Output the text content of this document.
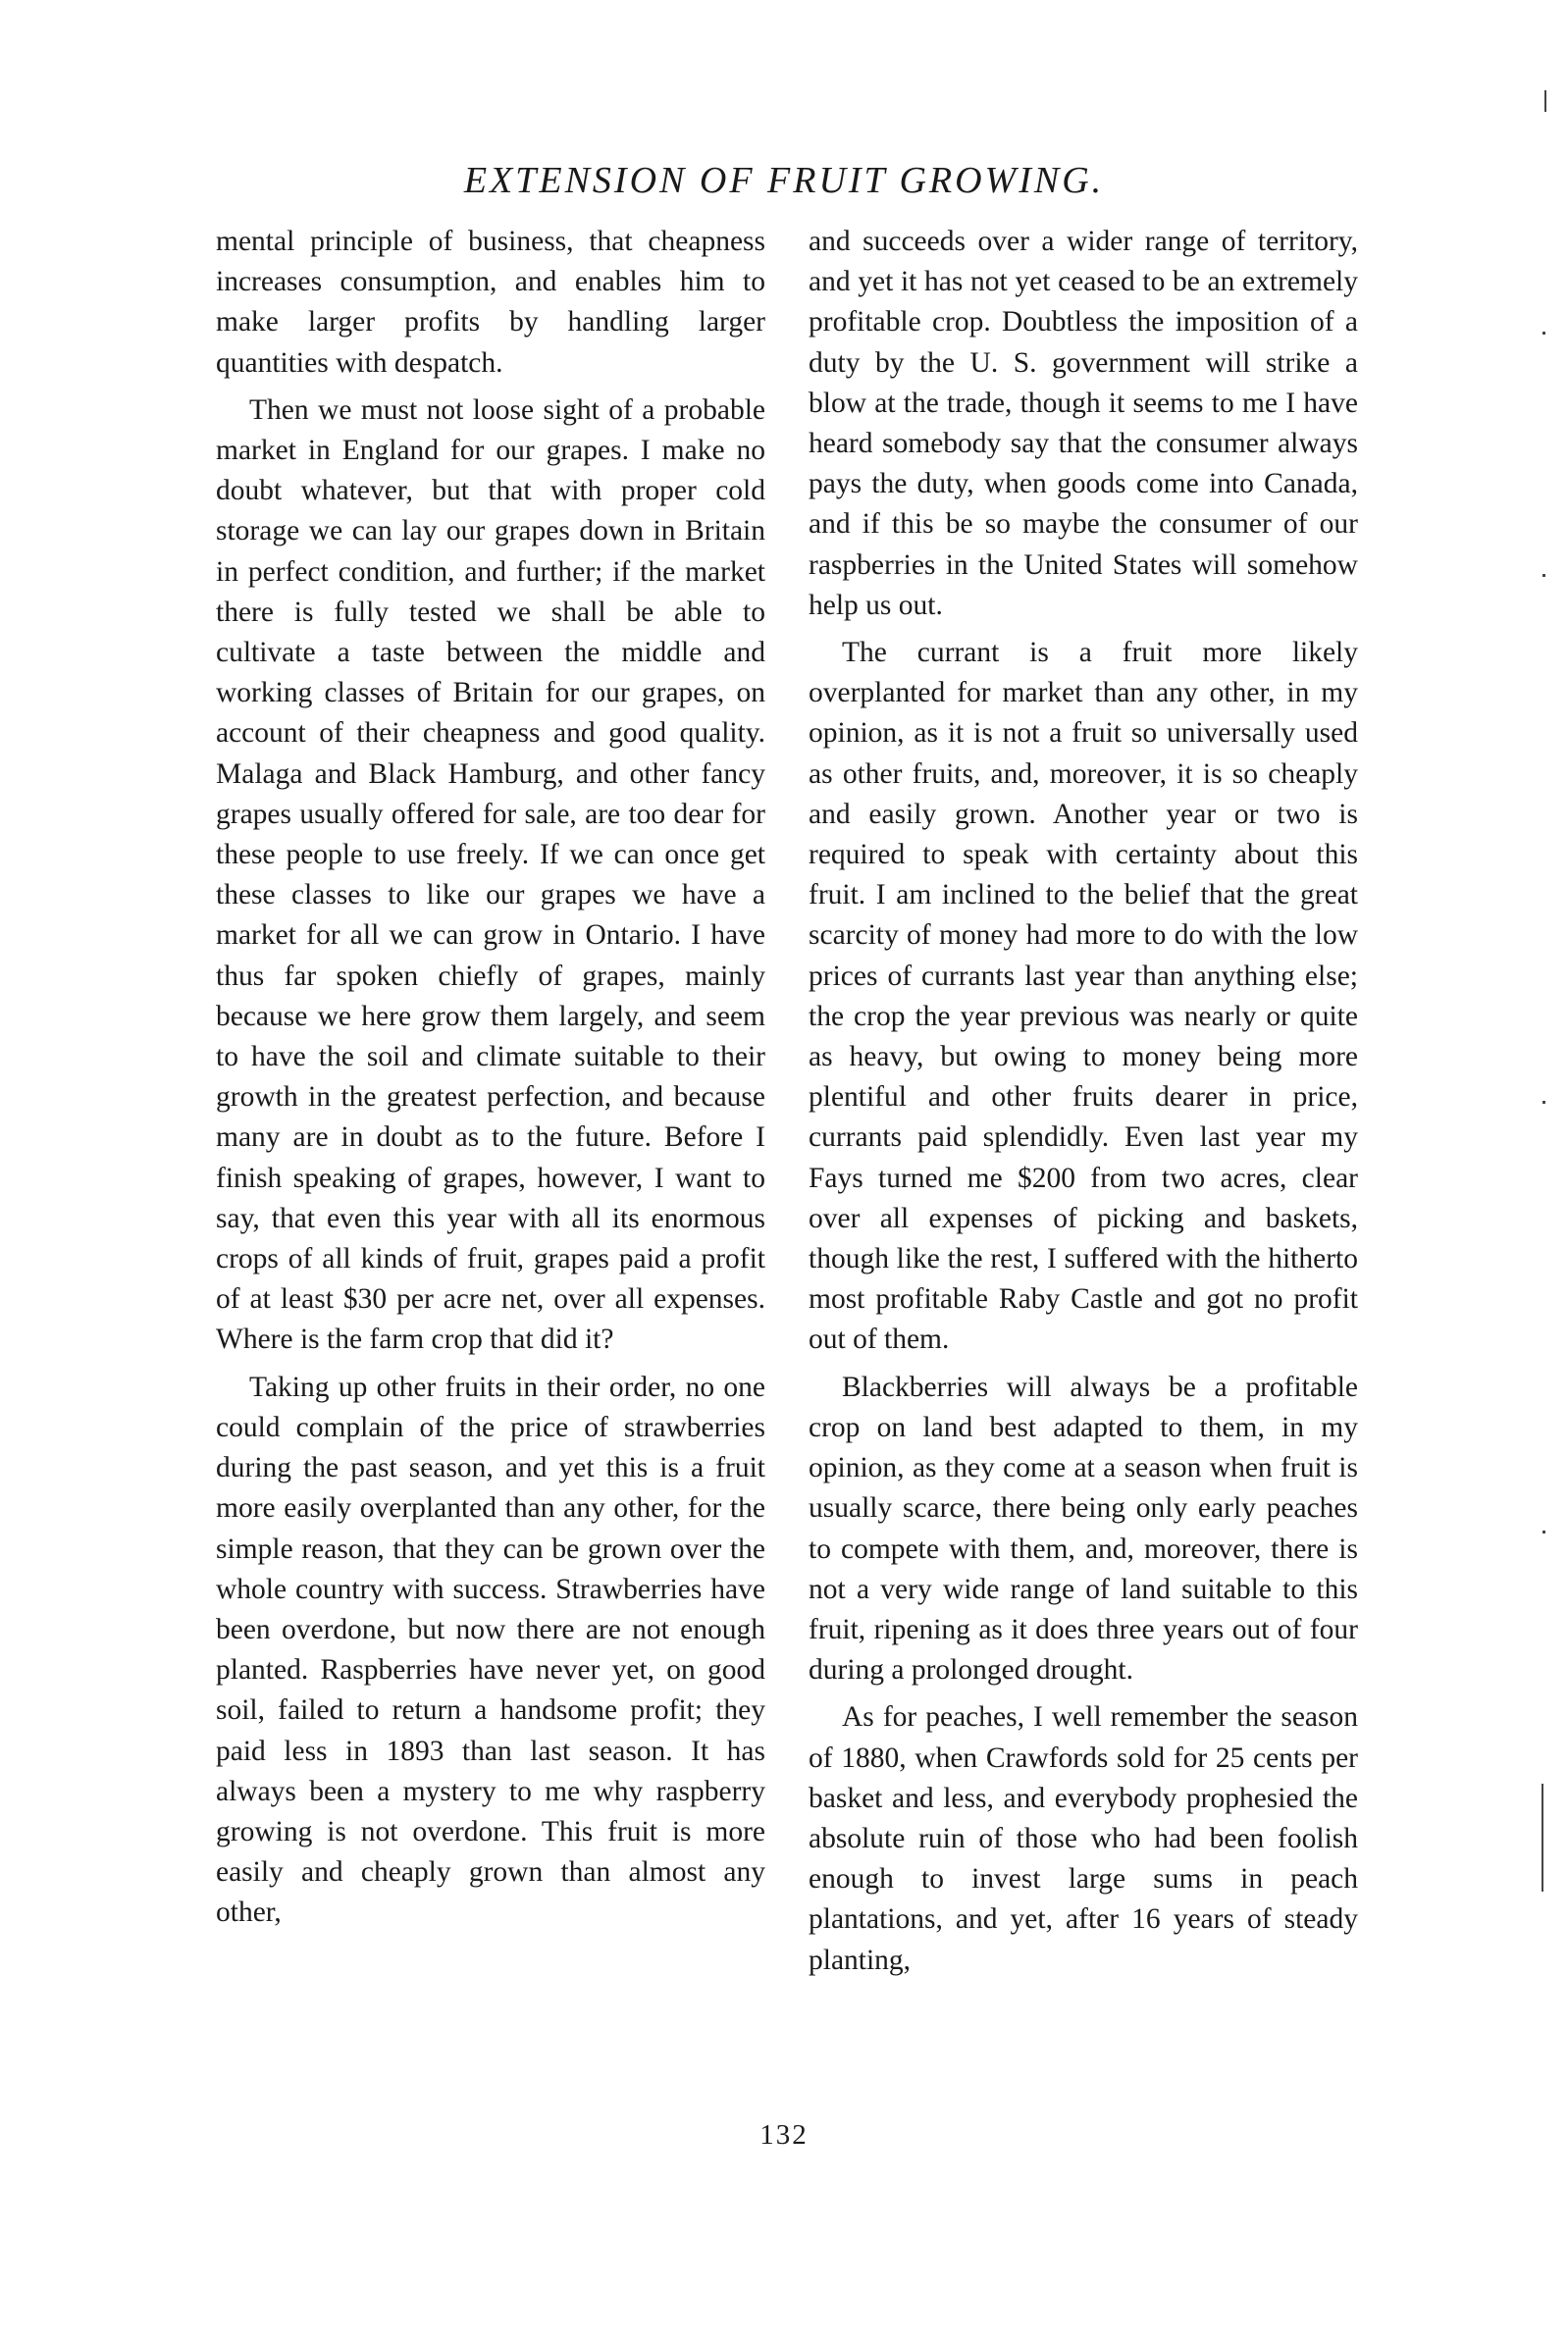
EXTENSION OF FRUIT GROWING.

mental principle of business, that cheapness increases consumption, and enables him to make larger profits by handling larger quantities with despatch.

Then we must not loose sight of a probable market in England for our grapes. I make no doubt whatever, but that with proper cold storage we can lay our grapes down in Britain in perfect condition, and further; if the market there is fully tested we shall be able to cultivate a taste between the middle and working classes of Britain for our grapes, on account of their cheapness and good quality. Malaga and Black Hamburg, and other fancy grapes usually offered for sale, are too dear for these people to use freely. If we can once get these classes to like our grapes we have a market for all we can grow in Ontario. I have thus far spoken chiefly of grapes, mainly because we here grow them largely, and seem to have the soil and climate suitable to their growth in the greatest perfection, and because many are in doubt as to the future. Before I finish speaking of grapes, however, I want to say, that even this year with all its enormous crops of all kinds of fruit, grapes paid a profit of at least $30 per acre net, over all expenses. Where is the farm crop that did it?

Taking up other fruits in their order, no one could complain of the price of strawberries during the past season, and yet this is a fruit more easily overplanted than any other, for the simple reason, that they can be grown over the whole country with success. Strawberries have been overdone, but now there are not enough planted. Raspberries have never yet, on good soil, failed to return a handsome profit; they paid less in 1893 than last season. It has always been a mystery to me why raspberry growing is not overdone. This fruit is more easily and cheaply grown than almost any other,

and succeeds over a wider range of territory, and yet it has not yet ceased to be an extremely profitable crop. Doubtless the imposition of a duty by the U. S. government will strike a blow at the trade, though it seems to me I have heard somebody say that the consumer always pays the duty, when goods come into Canada, and if this be so maybe the consumer of our raspberries in the United States will somehow help us out.

The currant is a fruit more likely overplanted for market than any other, in my opinion, as it is not a fruit so universally used as other fruits, and, moreover, it is so cheaply and easily grown. Another year or two is required to speak with certainty about this fruit. I am inclined to the belief that the great scarcity of money had more to do with the low prices of currants last year than anything else; the crop the year previous was nearly or quite as heavy, but owing to money being more plentiful and other fruits dearer in price, currants paid splendidly. Even last year my Fays turned me $200 from two acres, clear over all expenses of picking and baskets, though like the rest, I suffered with the hitherto most profitable Raby Castle and got no profit out of them.

Blackberries will always be a profitable crop on land best adapted to them, in my opinion, as they come at a season when fruit is usually scarce, there being only early peaches to compete with them, and, moreover, there is not a very wide range of land suitable to this fruit, ripening as it does three years out of four during a prolonged drought.

As for peaches, I well remember the season of 1880, when Crawfords sold for 25 cents per basket and less, and everybody prophesied the absolute ruin of those who had been foolish enough to invest large sums in peach plantations, and yet, after 16 years of steady planting,

132
